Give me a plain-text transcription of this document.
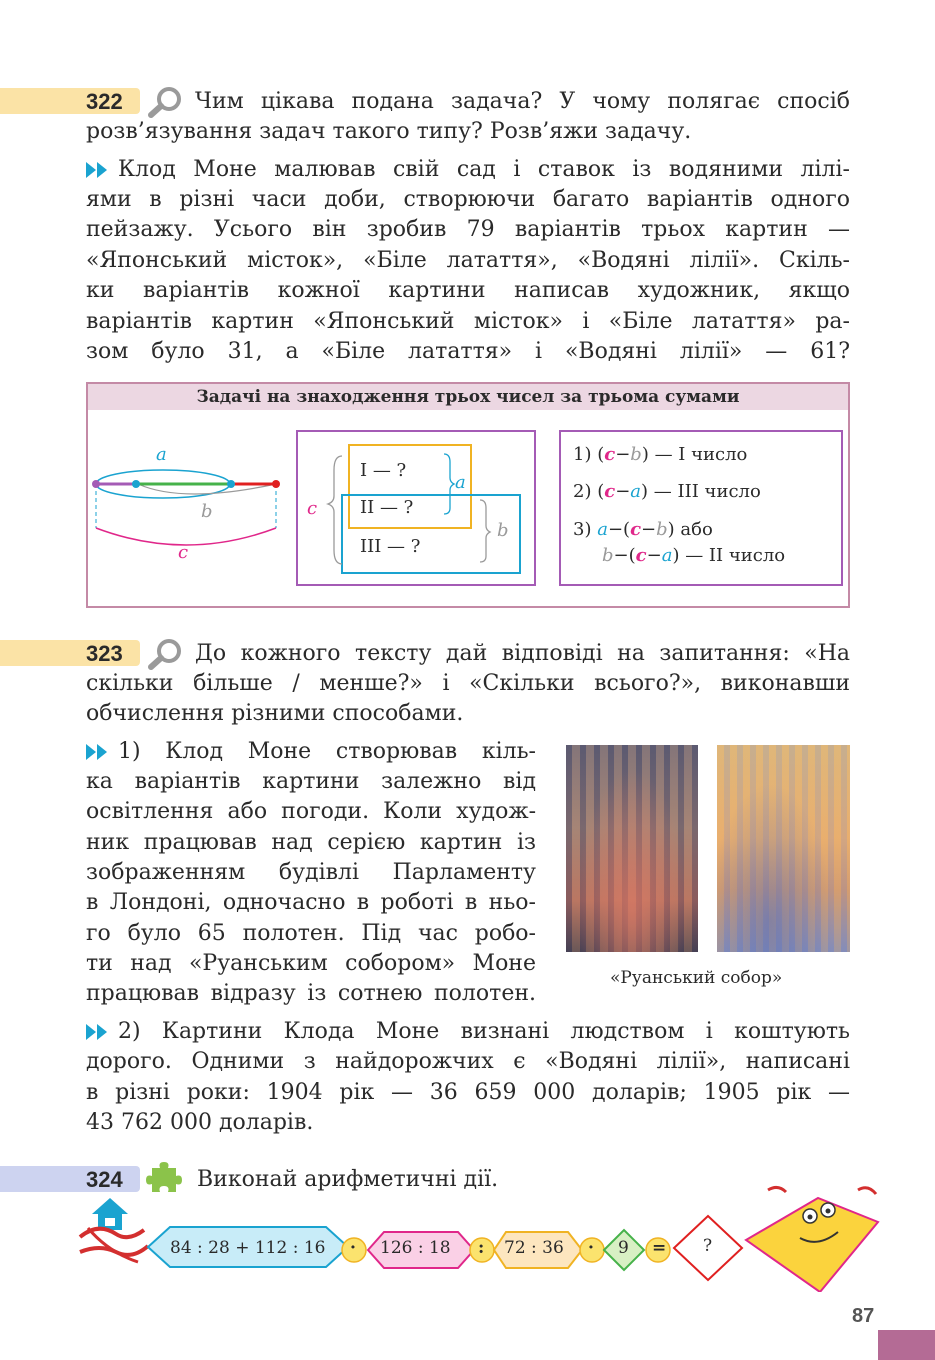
322	Чим цікава подана задача? У чому полягає спосіб
розв’язування задач такого типу? Розв’яжи задачу.
Клод Моне малював свій сад і ставок із водяними лілі-
ями в різні часи доби, створюючи багато варіантів одного
пейзажу. Усього він зробив 79 варіантів трьох картин —
«Японський місток», «Біле латаття», «Водяні лілії». Скіль-
ки варіантів кожної картини написав художник, якщо
варіантів картин «Японський місток» і «Біле латаття» ра-
зом було 31, а «Біле латаття» і «Водяні лілії» — 61?
Задачі на знаходження трьох чисел за трьома сумами
a
b
c
c
a
b
I — ?
II — ?
III — ?
1) (c−b) — I число
2) (c−a) — III число
3) a−(c−b) або
b−(c−a) — II число
323	До кожного тексту дай відповіді на запитання: «На
скільки більше / менше?» і «Скільки всього?», виконавши
обчислення різними способами.
1) Клод Моне створював кіль-
ка варіантів картини залежно від
освітлення або погоди. Коли худож-
ник працював над серією картин із
зображенням будівлі Парламенту
в Лондоні, одночасно в роботі в ньо-
го було 65 полотен. Під час робо-
ти над «Руанським собором» Моне
працював відразу із сотнею полотен.
«Руанський собор»
2) Картини Клода Моне визнані людством і коштують
дорого. Одними з найдорожчих є «Водяні лілії», написані
в різні роки: 1904 рік — 36 659 000 доларів; 1905 рік —
43 762 000 доларів.
324	Виконай арифметичні дії.
84 : 28 + 112 : 16 · 126 : 18 : 72 : 36 · 9 = ?
87
